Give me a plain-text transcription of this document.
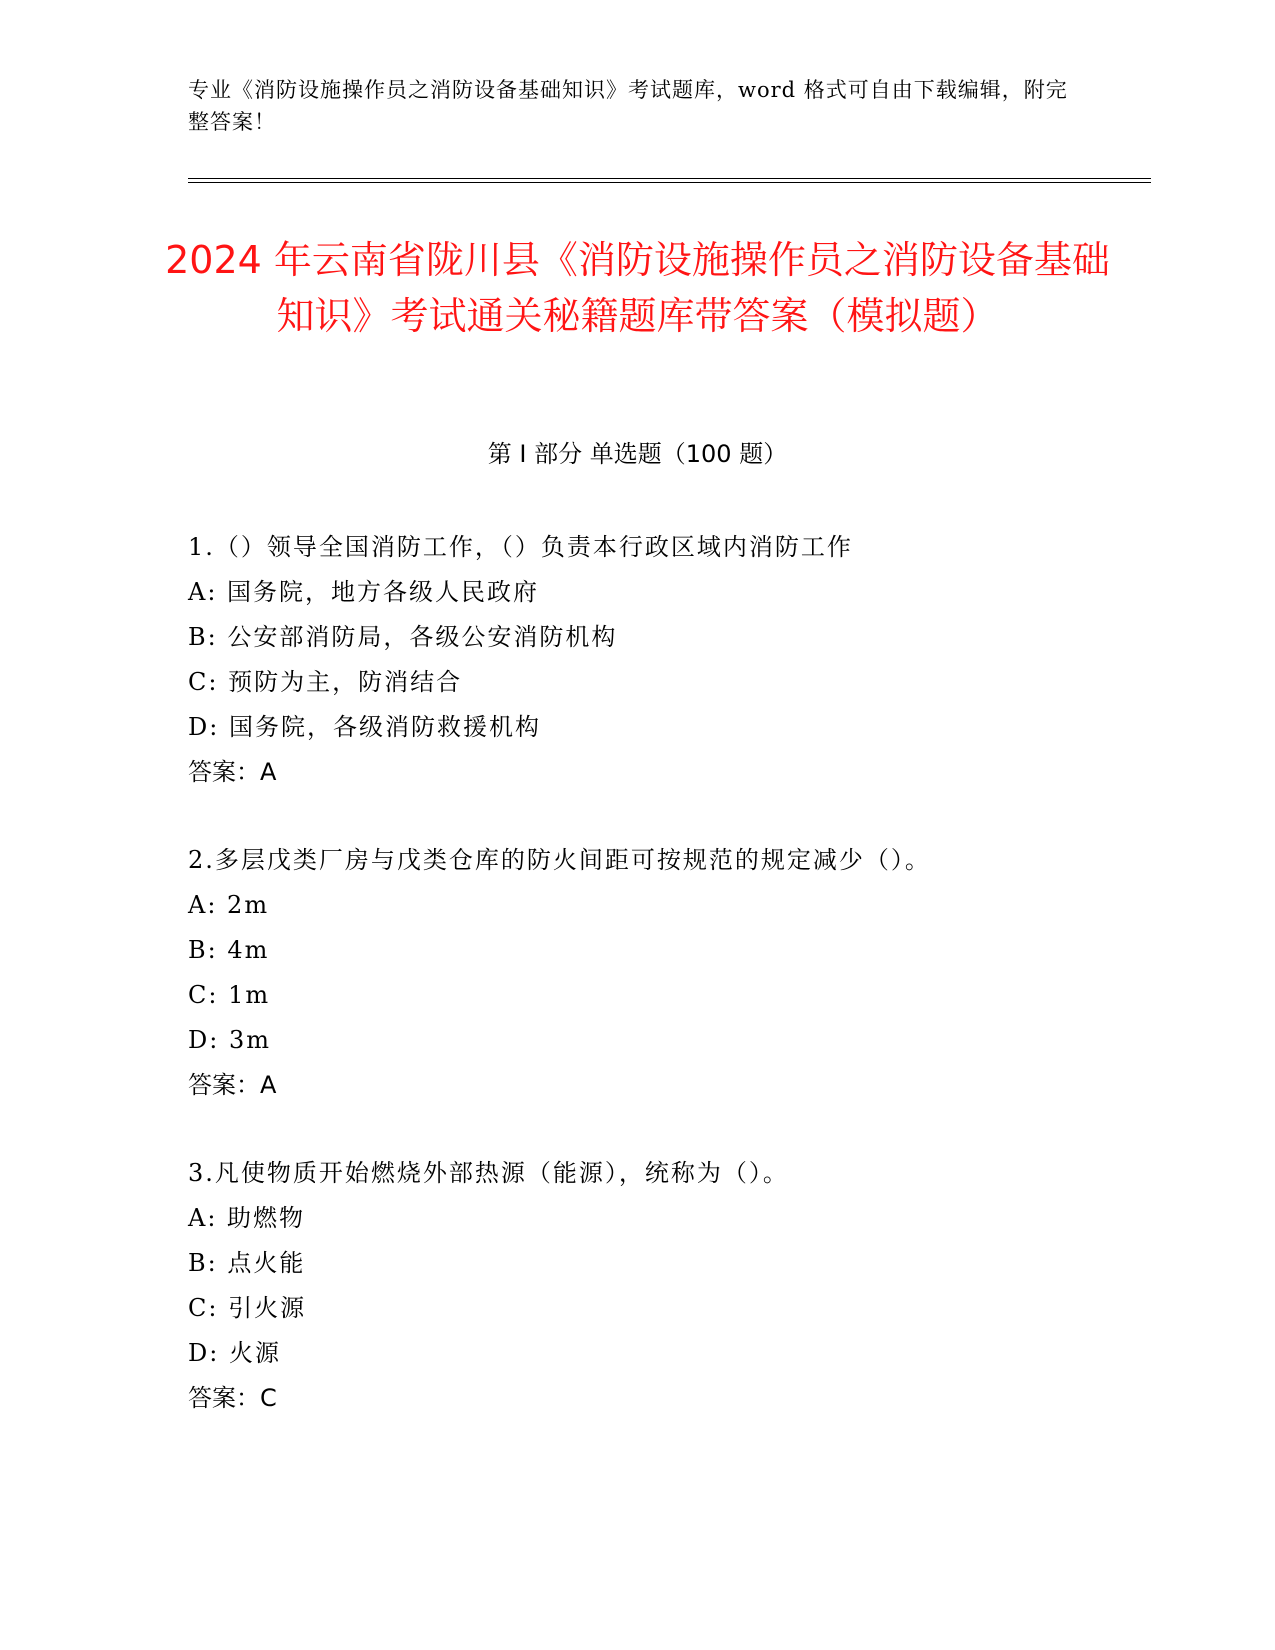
专业《消防设施操作员之消防设备基础知识》考试题库，word 格式可自由下载编辑，附完整答案！
2024 年云南省陇川县《消防设施操作员之消防设备基础知识》考试通关秘籍题库带答案（模拟题）
第 I 部分 单选题（100 题）
1.（）领导全国消防工作，（）负责本行政区域内消防工作
A: 国务院，地方各级人民政府
B: 公安部消防局，各级公安消防机构
C: 预防为主，防消结合
D: 国务院，各级消防救援机构
答案：A
2.多层戊类厂房与戊类仓库的防火间距可按规范的规定减少（）。
A: 2m
B: 4m
C: 1m
D: 3m
答案：A
3.凡使物质开始燃烧外部热源（能源），统称为（）。
A: 助燃物
B: 点火能
C: 引火源
D: 火源
答案：C
